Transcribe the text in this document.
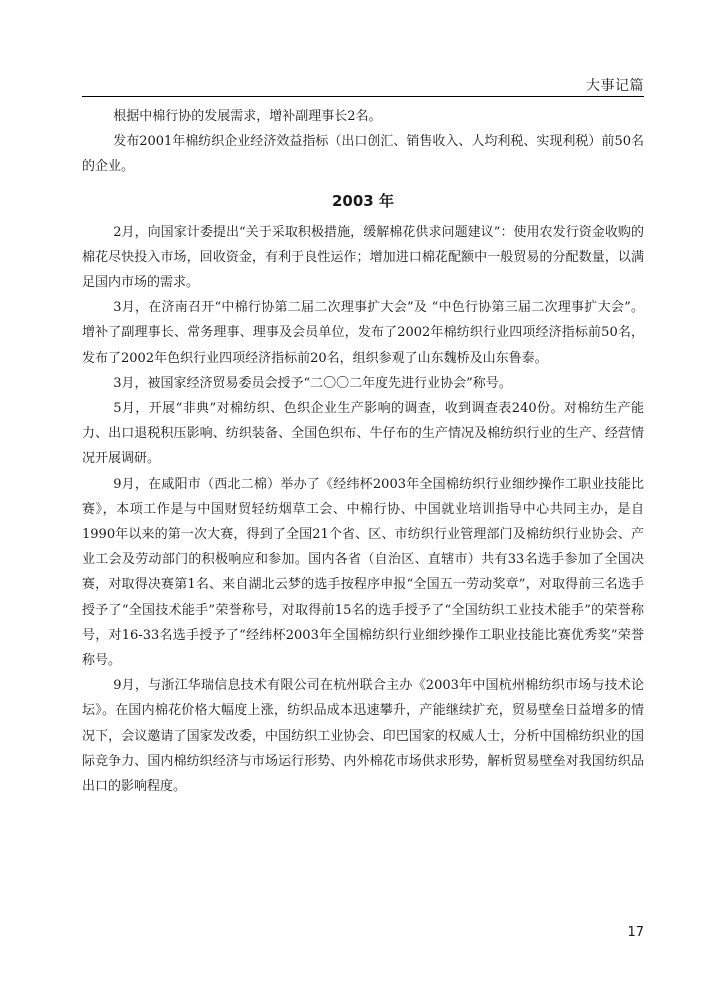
大事记篇

根据中棉行协的发展需求，增补副理事长2名。

发布2001年棉纺织企业经济效益指标（出口创汇、销售收入、人均利税、实现利税）前50名的企业。

2003 年

2月，向国家计委提出“关于采取积极措施，缓解棉花供求问题建议”：使用农发行资金收购的棉花尽快投入市场，回收资金，有利于良性运作；增加进口棉花配额中一般贸易的分配数量，以满足国内市场的需求。

3月，在济南召开“中棉行协第二届二次理事扩大会”及 “中色行协第三届二次理事扩大会”。增补了副理事长、常务理事、理事及会员单位，发布了2002年棉纺织行业四项经济指标前50名，发布了2002年色织行业四项经济指标前20名，组织参观了山东魏桥及山东鲁泰。

3月，被国家经济贸易委员会授予“二〇〇二年度先进行业协会”称号。

5月，开展“非典”对棉纺织、色织企业生产影响的调查，收到调查表240份。对棉纺生产能力、出口退税积压影响、纺织装备、全国色织布、牛仔布的生产情况及棉纺织行业的生产、经营情况开展调研。

9月，在咸阳市（西北二棉）举办了《经纬杯2003年全国棉纺织行业细纱操作工职业技能比赛》，本项工作是与中国财贸轻纺烟草工会、中棉行协、中国就业培训指导中心共同主办，是自1990年以来的第一次大赛，得到了全国21个省、区、市纺织行业管理部门及棉纺织行业协会、产业工会及劳动部门的积极响应和参加。国内各省（自治区、直辖市）共有33名选手参加了全国决赛，对取得决赛第1名、来自湖北云梦的选手按程序申报“全国五一劳动奖章”，对取得前三名选手授予了“全国技术能手”荣誉称号，对取得前15名的选手授予了“全国纺织工业技术能手”的荣誉称号，对16-33名选手授予了“经纬杯2003年全国棉纺织行业细纱操作工职业技能比赛优秀奖”荣誉称号。

9月，与浙江华瑞信息技术有限公司在杭州联合主办《2003年中国杭州棉纺织市场与技术论坛》。在国内棉花价格大幅度上涨，纺织品成本迅速攀升，产能继续扩充，贸易壁垒日益增多的情况下，会议邀请了国家发改委，中国纺织工业协会、印巴国家的权威人士，分析中国棉纺织业的国际竞争力、国内棉纺织经济与市场运行形势、内外棉花市场供求形势，解析贸易壁垒对我国纺织品出口的影响程度。

17
